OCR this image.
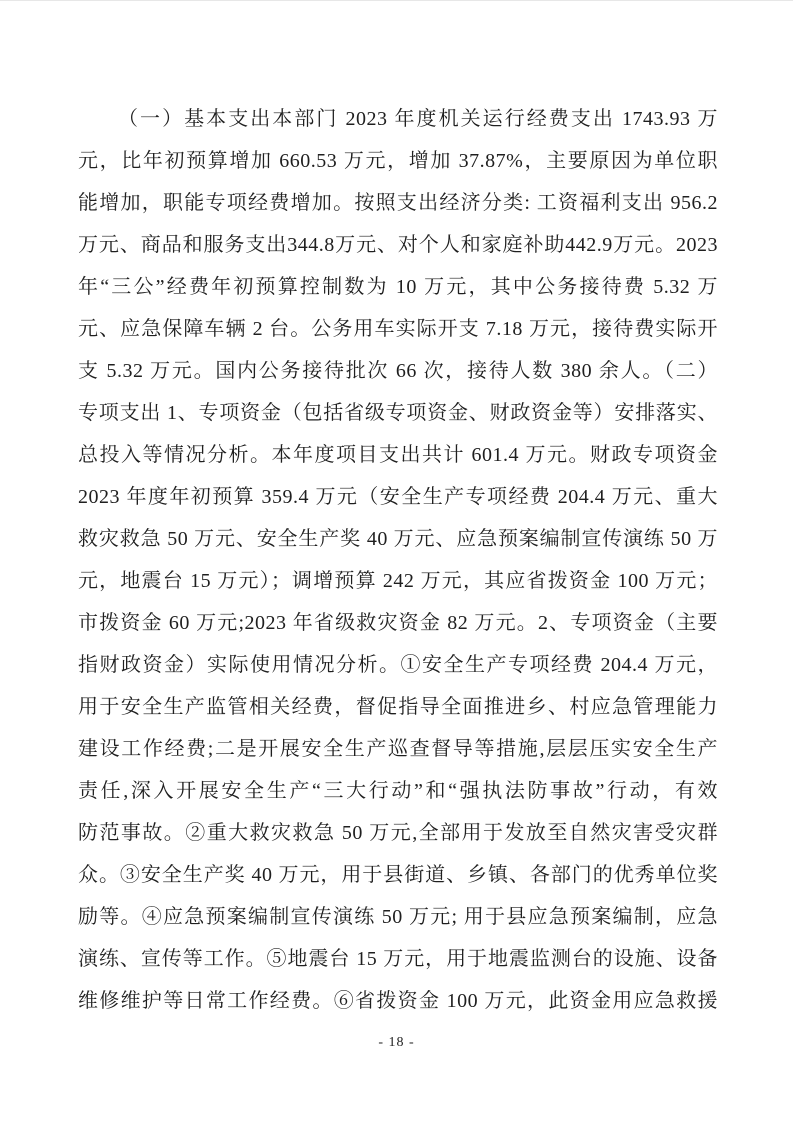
（一）基本支出本部门 2023 年度机关运行经费支出 1743.93 万
元，比年初预算增加 660.53 万元，增加 37.87%，主要原因为单位职
能增加，职能专项经费增加。按照支出经济分类: 工资福利支出 956.2
万元、商品和服务支出344.8万元、对个人和家庭补助442.9万元。2023
年“三公”经费年初预算控制数为 10 万元，其中公务接待费 5.32 万
元、应急保障车辆 2 台。公务用车实际开支 7.18 万元，接待费实际开
支 5.32 万元。国内公务接待批次 66 次，接待人数 380 余人。（二）
专项支出 1、专项资金（包括省级专项资金、财政资金等）安排落实、
总投入等情况分析。本年度项目支出共计 601.4 万元。财政专项资金
2023 年度年初预算 359.4 万元（安全生产专项经费 204.4 万元、重大
救灾救急 50 万元、安全生产奖 40 万元、应急预案编制宣传演练 50 万
元，地震台 15 万元）；调增预算 242 万元，其应省拨资金 100 万元；
市拨资金 60 万元;2023 年省级救灾资金 82 万元。2、专项资金（主要
指财政资金）实际使用情况分析。①安全生产专项经费 204.4 万元，
用于安全生产监管相关经费，督促指导全面推进乡、村应急管理能力
建设工作经费;二是开展安全生产巡查督导等措施,层层压实安全生产
责任,深入开展安全生产“三大行动”和“强执法防事故”行动，有效
防范事故。②重大救灾救急 50 万元,全部用于发放至自然灾害受灾群
众。③安全生产奖 40 万元，用于县街道、乡镇、各部门的优秀单位奖
励等。④应急预案编制宣传演练 50 万元; 用于县应急预案编制，应急
演练、宣传等工作。⑤地震台 15 万元，用于地震监测台的设施、设备
维修维护等日常工作经费。⑥省拨资金 100 万元，此资金用应急救援
- 18 -
